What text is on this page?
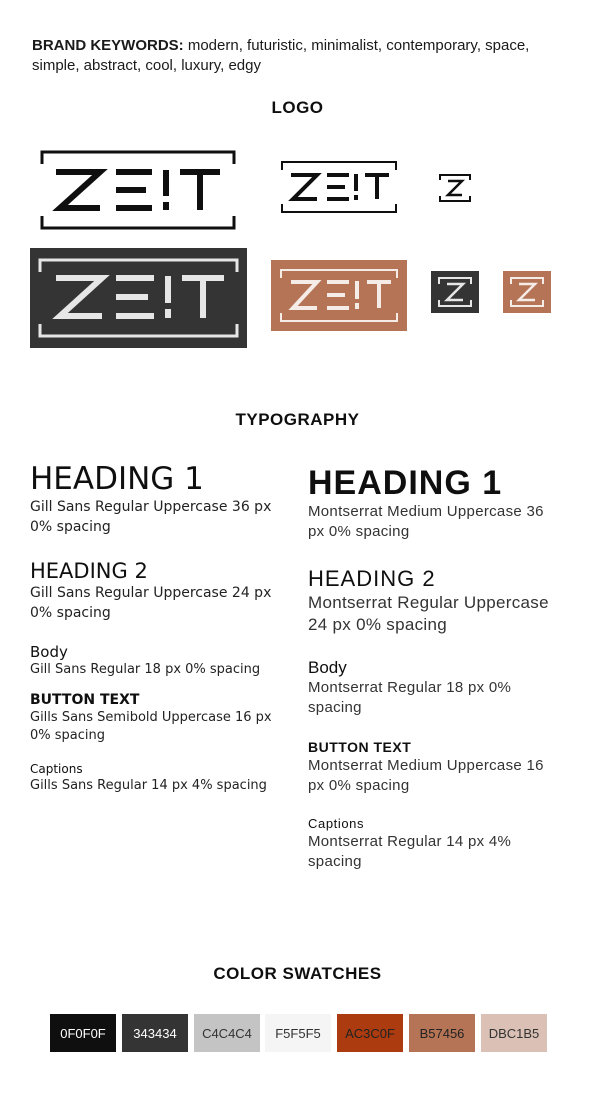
BRAND KEYWORDS: modern, futuristic, minimalist, contemporary, space, simple, abstract, cool, luxury, edgy
LOGO
TYPOGRAPHY
HEADING 1
Gill Sans Regular Uppercase 36 px 0% spacing
HEADING 2
Gill Sans Regular Uppercase 24 px 0% spacing
Body
Gill Sans Regular 18 px 0% spacing
BUTTON TEXT
Gills Sans Semibold Uppercase 16 px 0% spacing
Captions
Gills Sans Regular 14 px 4% spacing
HEADING 1
Montserrat Medium Uppercase 36 px 0% spacing
HEADING 2
Montserrat Regular Uppercase 24 px 0% spacing
Body
Montserrat Regular 18 px 0% spacing
BUTTON TEXT
Montserrat Medium Uppercase 16 px 0% spacing
Captions
Montserrat Regular 14 px 4% spacing
COLOR SWATCHES
0F0F0F 343434 C4C4C4 F5F5F5 AC3C0F B57456 DBC1B5
